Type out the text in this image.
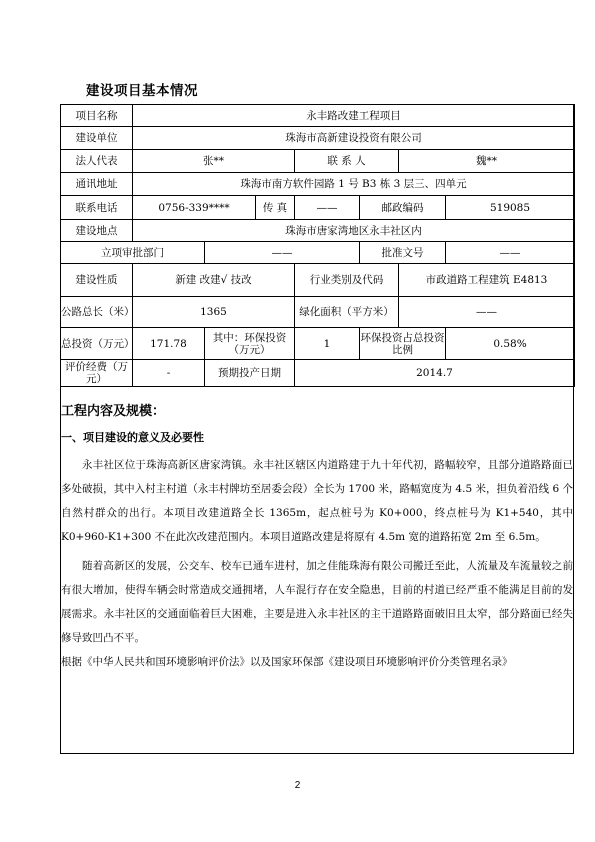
建设项目基本情况
项目名称	永丰路改建工程项目						
建设单位	珠海市高新建设投资有限公司						
法人代表	张**			联 系 人		魏**	
通讯地址	珠海市南方软件园路 1 号 B3 栋 3 层三、四单元						
联系电话	0756-339****		传 真	——	邮政编码		519085
建设地点	珠海市唐家湾地区永丰社区内						
立项审批部门		——			批准文号		——
建设性质	新建 改建√ 技改			行业类别及代码		市政道路工程建筑 E4813	
公路总长（米）	1365			绿化面积（平方米）		——	
总投资（万元）	171.78	其中：环保投资（万元）		1	环保投资占总投资比例		0.58%
评价经费（万元）	-	预期投产日期		2014.7			
工程内容及规模：
一、项目建设的意义及必要性

永丰社区位于珠海高新区唐家湾镇。永丰社区辖区内道路建于九十年代初，路幅较窄，且部分道路路面已多处破损，其中入村主村道（永丰村牌坊至居委会段）全长为 1700 米，路幅宽度为 4.5 米，担负着沿线 6 个自然村群众的出行。本项目改建道路全长 1365m，起点桩号为 K0+000，终点桩号为 K1+540，其中 K0+960-K1+300 不在此次改建范围内。本项目道路改建是将原有 4.5m 宽的道路拓宽 2m 至 6.5m。

随着高新区的发展，公交车、校车已通车进村，加之佳能珠海有限公司搬迁至此，人流量及车流量较之前有很大增加，使得车辆会时常造成交通拥堵，人车混行存在安全隐患，目前的村道已经严重不能满足目前的发展需求。永丰社区的交通面临着巨大困难，主要是进入永丰社区的主干道路路面破旧且太窄，部分路面已经失修导致凹凸不平。

根据《中华人民共和国环境影响评价法》以及国家环保部《建设项目环境影响评价分类管理名录》

2
